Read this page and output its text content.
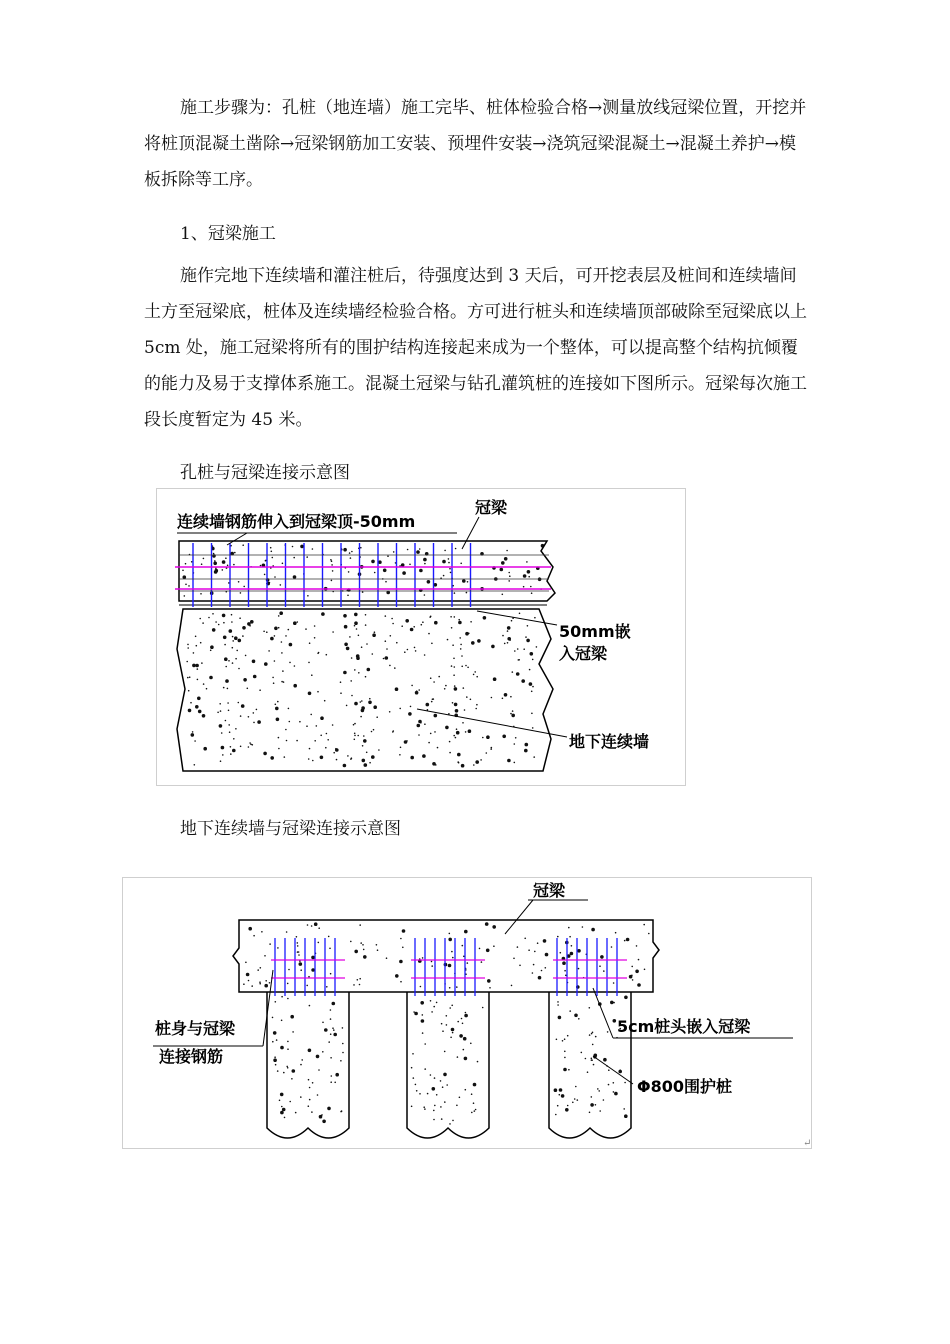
施工步骤为：孔桩（地连墙）施工完毕、桩体检验合格→测量放线冠梁位置，开挖并将桩顶混凝土凿除→冠梁钢筋加工安装、预埋件安装→浇筑冠梁混凝土→混凝土养护→模板拆除等工序。

1、冠梁施工

施作完地下连续墙和灌注桩后，待强度达到 3 天后，可开挖表层及桩间和连续墙间土方至冠梁底，桩体及连续墙经检验合格。方可进行桩头和连续墙顶部破除至冠梁底以上 5cm 处，施工冠梁将所有的围护结构连接起来成为一个整体，可以提高整个结构抗倾覆的能力及易于支撑体系施工。混凝土冠梁与钻孔灌筑桩的连接如下图所示。冠梁每次施工段长度暂定为 45 米。

孔桩与冠梁连接示意图

连续墙钢筋伸入到冠梁顶-50mm
冠梁
50mm嵌
入冠梁
地下连续墙

地下连续墙与冠梁连接示意图

冠梁
桩身与冠梁
连接钢筋
5cm桩头嵌入冠梁
Φ800围护桩
↵
